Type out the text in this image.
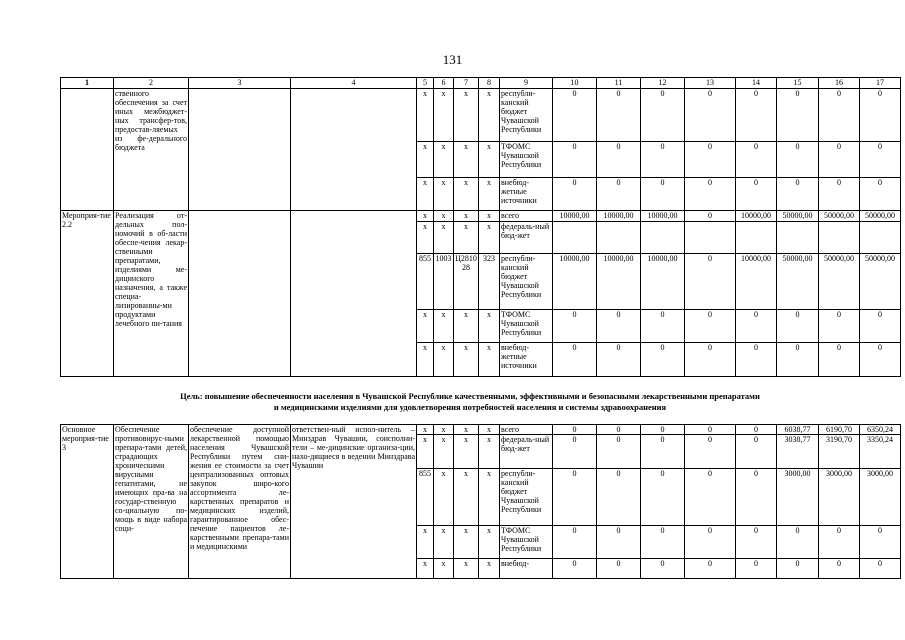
131
1	2	3	4	5	6	7	8	9	10	11	12	13	14	15	16	17
	ственного обеспечения за счет иных межбюджет-ных трансфер-тов, предостав-ляемых из фе-дерального бюджета			x	x	x	x	республи-канский бюджет Чувашской Республики	0	0	0	0	0	0	0	0
				x	x	x	x	ТФОМС Чувашской Республики	0	0	0	0	0	0	0	0
				x	x	x	x	внебюд-жетные источники	0	0	0	0	0	0	0	0
Мероприя-тие 2.2	Реализация от-дельных пол-номочий в об-ласти обеспе-чения лекар-ственными препаратами, изделиями ме-дицинского назначения, а также специа-лизированны-ми продуктами лечебного пи-тания			x	x	x	x	всего	10000,00	10000,00	10000,00	0	10000,00	50000,00	50000,00	50000,00
				x	x	x	x	федераль-ный бюд-жет								
				855	1003	Ц2810 28	323	республи-канский бюджет Чувашской Республики	10000,00	10000,00	10000,00	0	10000,00	50000,00	50000,00	50000,00
				x	x	x	x	ТФОМС Чувашской Республики	0	0	0	0	0	0	0	0
				x	x	x	x	внебюд-жетные источники	0	0	0	0	0	0	0	0
Цель: повышение обеспеченности населения в Чувашской Республике качественными, эффективными и безопасными лекарственными препаратами
и медицинскими изделиями для удовлетворения потребностей населения и системы здравоохранения
Основное мероприя-тие 3	Обеспечение противовирус-ными препара-тами детей, страдающих хроническими вирусными гепатитами, не имеющих пра-ва на государ-ственную со-циальную по-мощь в виде набора соци-	обеспечение доступной лекарственной помощью населения Чувашской Республики путем сни-жения ее стоимости за счет централизованных оптовых закупок широ-кого ассортимента ле-карственных препаратов и медицинских изделий, гарантированное обес-печение пациентов ле-карственными препара-тами и медицинскими	ответствен-ный испол-нитель – Минздрав Чувашии, соисполни-тели – ме-дицинские организа-ции, нахо-дящиеся в ведении Минздрава Чувашии	x	x	x	x	всего	0	0	0	0	0	6038,77	6190,70	6350,24
				x	x	x	x	федераль-ный бюд-жет	0	0	0	0	0	3038,77	3190,70	3350,24
				855	x	x	x	республи-канский бюджет Чувашской Республики	0	0	0	0	0	3000,00	3000,00	3000,00
				x	x	x	x	ТФОМС Чувашской Республики	0	0	0	0	0	0	0	0
				x	x	x	x	внебюд-	0	0	0	0	0	0	0	0
